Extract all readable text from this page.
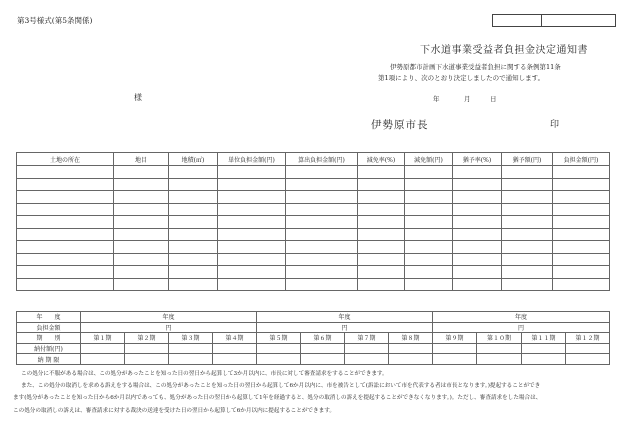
第3号様式(第5条関係)
下水道事業受益者負担金決定通知書
伊勢原都市計画下水道事業受益者負担に関する条例第11条
第1項により、次のとおり決定しましたので通知します。
様	年	月	日
伊勢原市長	印
土地の所在	地目	地積(㎡)	単位負担金額(円)	算出負担金額(円)	減免率(%)	減免額(円)	猶予率(%)	猶予額(円)	負担金額(円)

年　　度	年度				年度				年度			
負担金額	円				円				円			
期　　別	第１期	第２期	第３期	第４期	第５期	第６期	第７期	第８期	第９期	第１０期	第１１期	第１２期
納付額(円)												
納 期 限												
この処分に不服がある場合は、この処分があったことを知った日の翌日から起算して3か月以内に、市長に対して審査請求をすることができます。
また、この処分の取消しを求める訴えをする場合は、この処分があったことを知った日の翌日から起算して6か月以内に、市を被告として(訴訟において市を代表する者は市長となります。)提起することができ
ます(処分があったことを知った日から6か月以内であっても、処分があった日の翌日から起算して1年を経過すると、処分の取消しの訴えを提起することができなくなります。)。ただし、審査請求をした場合は、
この処分の取消しの訴えは、審査請求に対する裁決の送達を受けた日の翌日から起算して6か月以内に提起することができます。
